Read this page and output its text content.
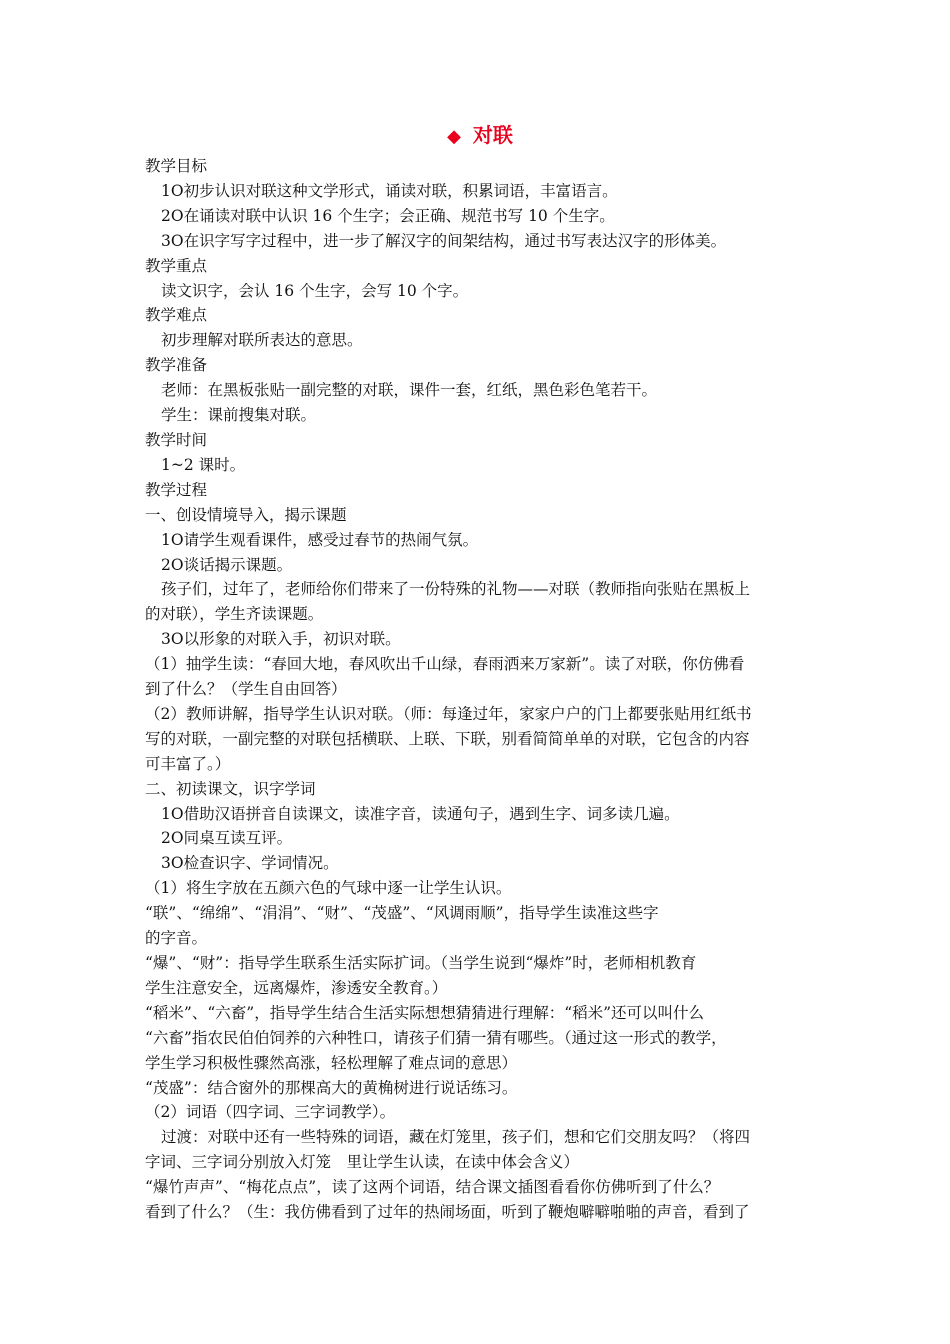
◆ 对联
教学目标
1O初步认识对联这种文学形式，诵读对联，积累词语，丰富语言。
2O在诵读对联中认识 16 个生字；会正确、规范书写 10 个生字。
3O在识字写字过程中，进一步了解汉字的间架结构，通过书写表达汉字的形体美。
教学重点
读文识字，会认 16 个生字，会写 10 个字。
教学难点
初步理解对联所表达的意思。
教学准备
老师：在黑板张贴一副完整的对联，课件一套，红纸，黑色彩色笔若干。
学生：课前搜集对联。
教学时间
1~2 课时。
教学过程
一、创设情境导入，揭示课题
1O请学生观看课件，感受过春节的热闹气氛。
2O谈话揭示课题。
孩子们，过年了，老师给你们带来了一份特殊的礼物——对联（教师指向张贴在黑板上
的对联），学生齐读课题。
3O以形象的对联入手，初识对联。
（1）抽学生读：“春回大地，春风吹出千山绿，春雨洒来万家新”。读了对联，你仿佛看
到了什么？（学生自由回答）
（2）教师讲解，指导学生认识对联。（师：每逢过年，家家户户的门上都要张贴用红纸书
写的对联，一副完整的对联包括横联、上联、下联，别看简简单单的对联，它包含的内容
可丰富了。）
二、初读课文，识字学词
1O借助汉语拼音自读课文，读准字音，读通句子，遇到生字、词多读几遍。
2O同桌互读互评。
3O检查识字、学词情况。
（1）将生字放在五颜六色的气球中逐一让学生认识。
“联”、“绵绵”、“涓涓”、“财”、“茂盛”、“风调雨顺”，指导学生读准这些字
的字音。
“爆”、“财”：指导学生联系生活实际扩词。（当学生说到“爆炸”时，老师相机教育
学生注意安全，远离爆炸，渗透安全教育。）
“稻米”、“六畜”，指导学生结合生活实际想想猜猜进行理解：“稻米”还可以叫什么
“六畜”指农民伯伯饲养的六种牲口，请孩子们猜一猜有哪些。（通过这一形式的教学，
学生学习积极性骤然高涨，轻松理解了难点词的意思）
“茂盛”：结合窗外的那棵高大的黄桷树进行说话练习。
（2）词语（四字词、三字词教学）。
过渡：对联中还有一些特殊的词语，藏在灯笼里，孩子们，想和它们交朋友吗？（将四
字词、三字词分别放入灯笼　里让学生认读，在读中体会含义）
“爆竹声声”、“梅花点点”，读了这两个词语，结合课文插图看看你仿佛听到了什么？
看到了什么？（生：我仿佛看到了过年的热闹场面，听到了鞭炮噼噼啪啪的声音，看到了
